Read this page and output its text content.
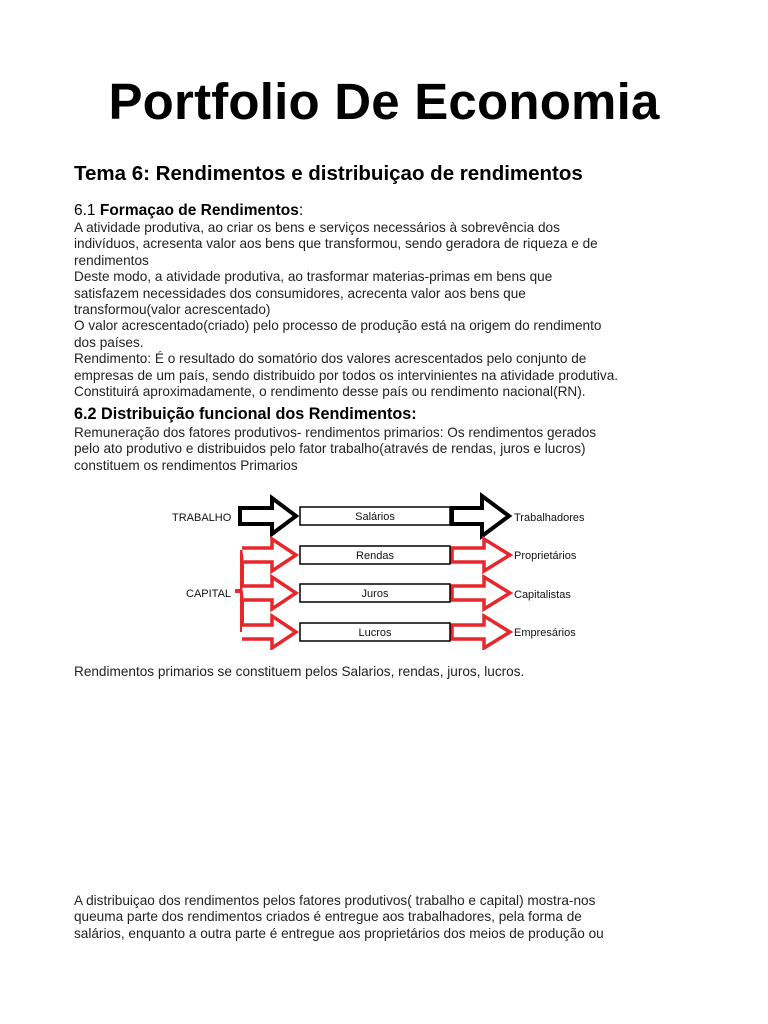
Portfolio De Economia
Tema 6: Rendimentos e distribuiçao de rendimentos
6.1 Formaçao de Rendimentos:

A atividade produtiva, ao criar os bens e serviços necessários à sobrevência dos

indivíduos, acresenta valor aos bens que transformou, sendo geradora de riqueza e de

rendimentos

Deste modo, a atividade produtiva, ao trasformar materias-primas em bens que

satisfazem necessidades dos consumidores, acrecenta valor aos bens que

transformou(valor acrescentado)

O valor acrescentado(criado) pelo processo de produção está na origem do rendimento

dos países.

Rendimento: É o resultado do somatório dos valores acrescentados pelo conjunto de

empresas de um país, sendo distribuido por todos os intervinientes na atividade produtiva.

Constituirá aproximadamente, o rendimento desse país ou rendimento nacional(RN).

6.2 Distribuição funcional dos Rendimentos:

Remuneração dos fatores produtivos- rendimentos primarios: Os rendimentos gerados

pelo ato produtivo e distribuidos pelo fator trabalho(através de rendas, juros e lucros)

constituem os rendimentos Primarios

TRABALHO
CAPITAL
Salários
Rendas
Juros
Lucros
Trabalhadores
Proprietários
Capitalistas
Empresários

Rendimentos primarios se constituem pelos Salarios, rendas, juros, lucros.

A distribuiçao dos rendimentos pelos fatores produtivos( trabalho e capital) mostra-nos

queuma parte dos rendimentos criados é entregue aos trabalhadores, pela forma de

salários, enquanto a outra parte é entregue aos proprietários dos meios de produção ou
